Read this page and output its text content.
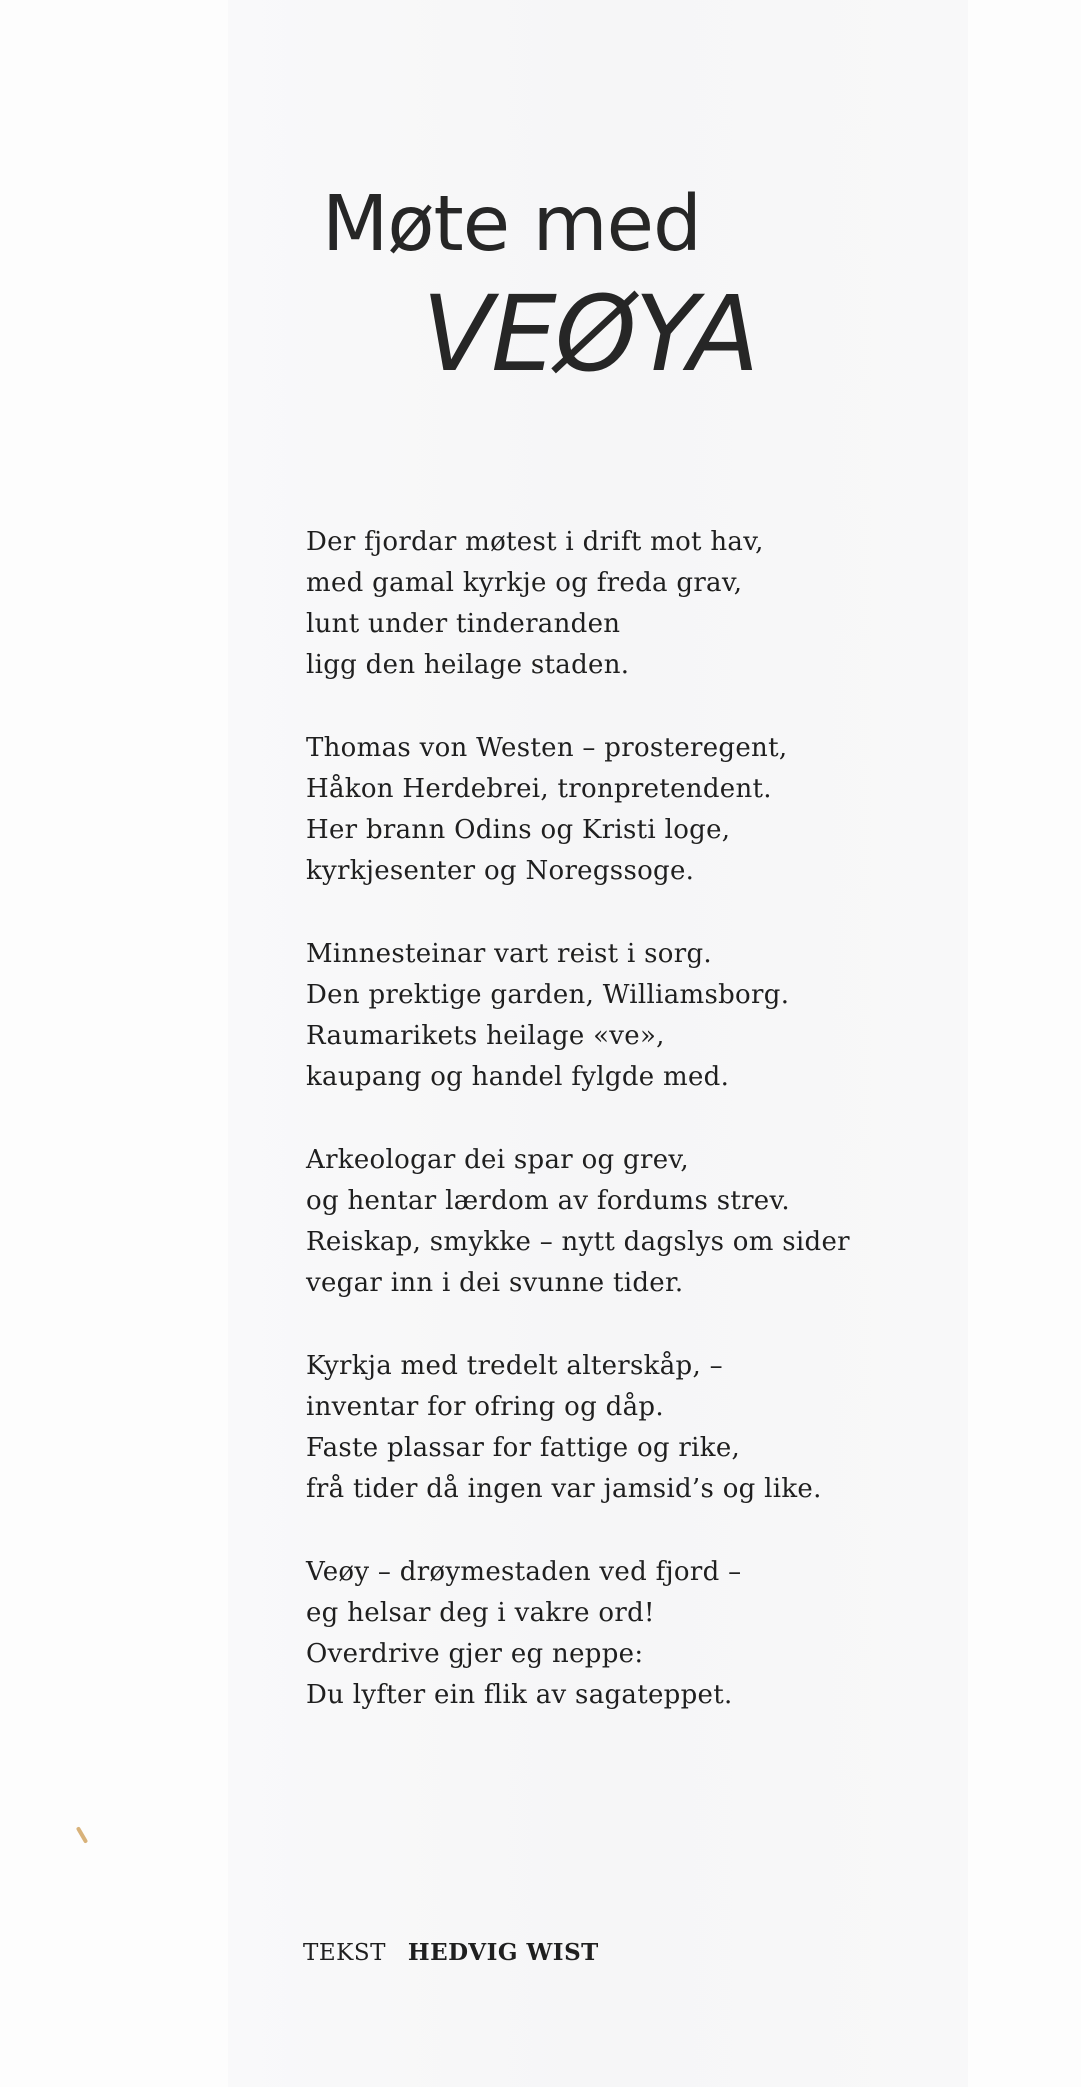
Møte med
VEØYA
Der fjordar møtest i drift mot hav,
med gamal kyrkje og freda grav,
lunt under tinderanden
ligg den heilage staden.
Thomas von Westen – prosteregent,
Håkon Herdebrei, tronpretendent.
Her brann Odins og Kristi loge,
kyrkjesenter og Noregssoge.
Minnesteinar vart reist i sorg.
Den prektige garden, Williamsborg.
Raumarikets heilage «ve»,
kaupang og handel fylgde med.
Arkeologar dei spar og grev,
og hentar lærdom av fordums strev.
Reiskap, smykke – nytt dagslys om sider
vegar inn i dei svunne tider.
Kyrkja med tredelt alterskåp, –
inventar for ofring og dåp.
Faste plassar for fattige og rike,
frå tider då ingen var jamsid’s og like.
Veøy – drøymestaden ved fjord –
eg helsar deg i vakre ord!
Overdrive gjer eg neppe:
Du lyfter ein flik av sagateppet.
TEKST HEDVIG WIST
